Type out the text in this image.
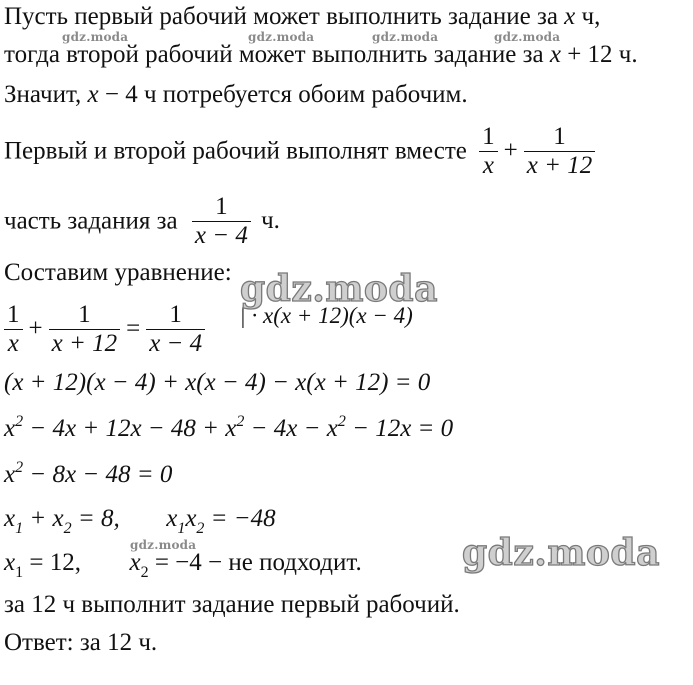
Пусть первый рабочий может выполнить задание за x ч,
тогда второй рабочий может выполнить задание за x + 12 ч.
Значит, x − 4 ч потребуется обоим рабочим.
Первый и второй рабочий выполнят вместе $\frac{1}{x} + \frac{1}{x + 12}$
часть задания за $\frac{1}{x - 4} ч$.
Составим уравнение:
$\frac{1}{x} + \frac{1}{x + 12} = \frac{1}{x - 4}$ | · x(x + 12)(x − 4)
(x + 12)(x − 4) + x(x − 4) − x(x + 12) = 0
$x^2 - 4x + 12x - 48 + x^2 - 4x - x^2 - 12x = 0$
$x^2 - 8x - 48 = 0$
$x_1 + x_2 = 8$, $x_1x_2 = -48$
$x_1 = 12$, $x_2 = -4$ − не подходит.
за 12 ч выполнит задание первый рабочий.
Ответ: за 12 ч.
gdz.moda	gdz.moda	gdz.moda	gdz.moda
gdz.moda
gdz.moda
gdz.moda
